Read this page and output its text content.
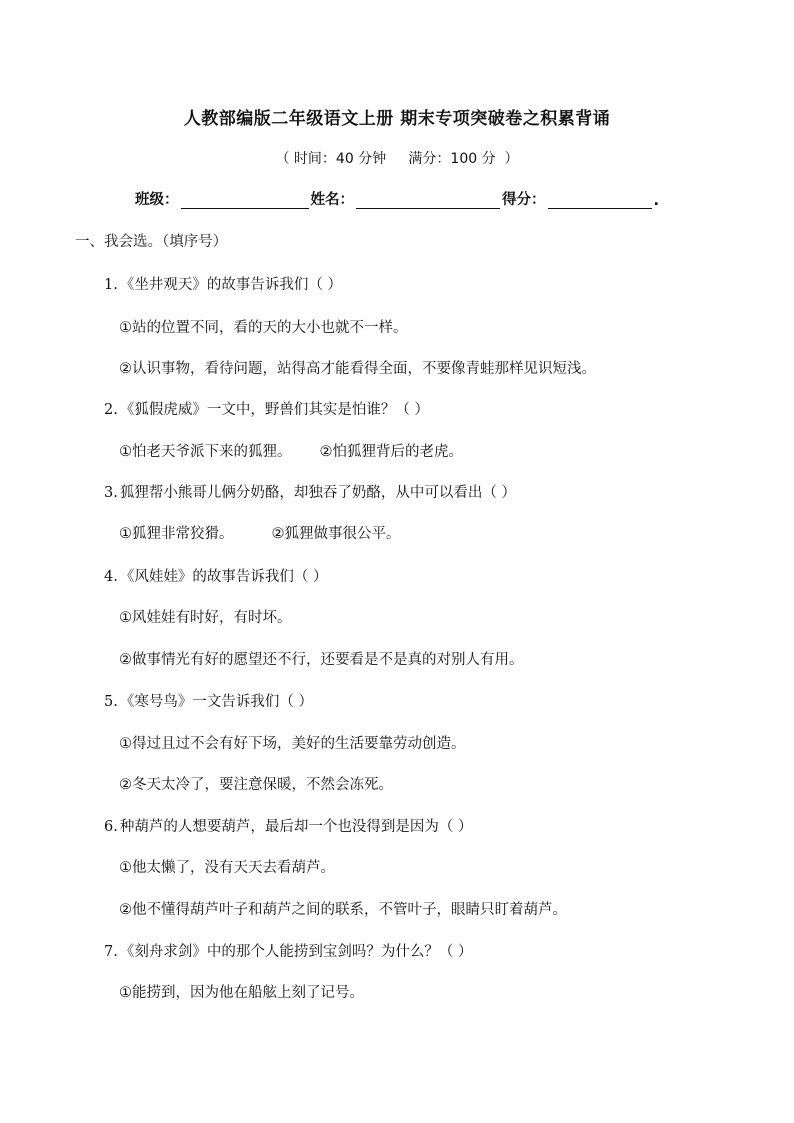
人教部编版二年级语文上册 期末专项突破卷之积累背诵
（ 时间：40 分钟     满分：100 分  ）
班级：	姓名：	得分：	.
一、我会选。（填序号）
1. 《坐井观天》的故事告诉我们（ ）
①站的位置不同，看的天的大小也就不一样。
②认识事物，看待问题，站得高才能看得全面，不要像青蛙那样见识短浅。
2. 《狐假虎威》一文中，野兽们其实是怕谁？（ ）
①怕老天爷派下来的狐狸。 ②怕狐狸背后的老虎。
3. 狐狸帮小熊哥儿俩分奶酪，却独吞了奶酪，从中可以看出（ ）
①狐狸非常狡猾。	②狐狸做事很公平。
4. 《风娃娃》的故事告诉我们（ ）
①风娃娃有时好，有时坏。
②做事情光有好的愿望还不行，还要看是不是真的对别人有用。
5. 《寒号鸟》一文告诉我们（ ）
①得过且过不会有好下场，美好的生活要靠劳动创造。
②冬天太冷了，要注意保暖，不然会冻死。
6. 种葫芦的人想要葫芦，最后却一个也没得到是因为（ ）
①他太懒了，没有天天去看葫芦。
②他不懂得葫芦叶子和葫芦之间的联系，不管叶子，眼睛只盯着葫芦。
7. 《刻舟求剑》中的那个人能捞到宝剑吗？为什么？（ ）
①能捞到，因为他在船舷上刻了记号。
